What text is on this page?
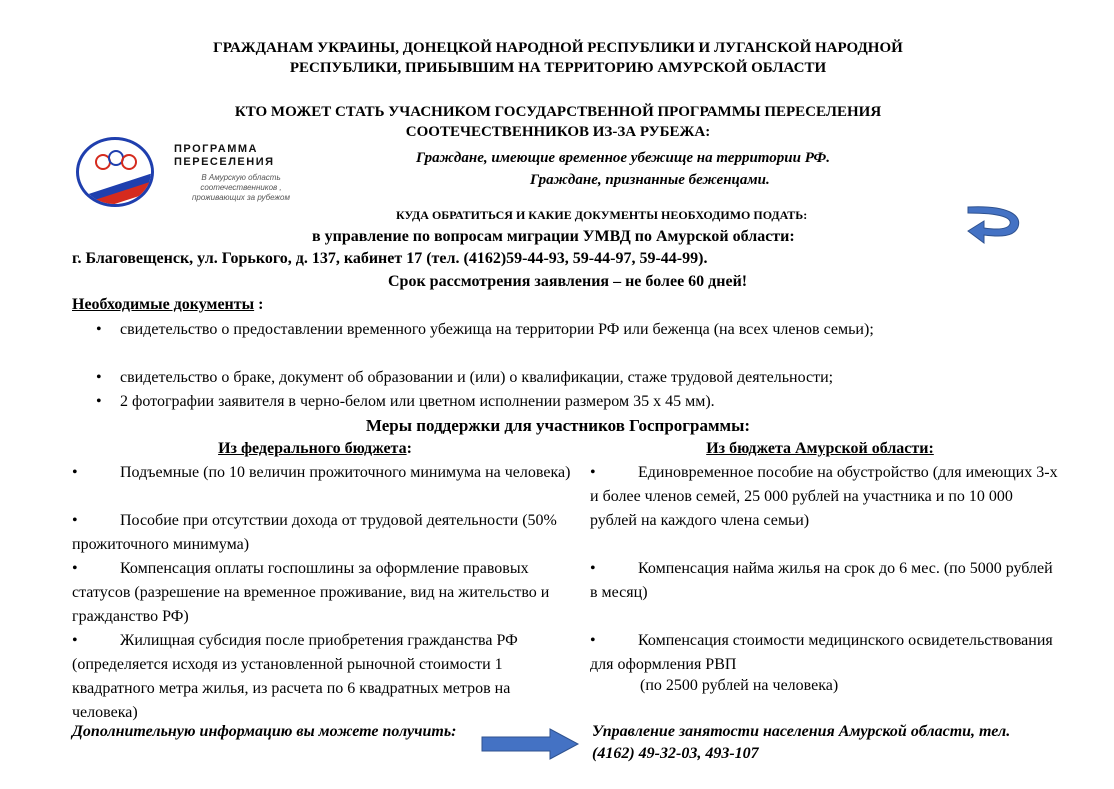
ГРАЖДАНАМ УКРАИНЫ, ДОНЕЦКОЙ НАРОДНОЙ РЕСПУБЛИКИ И ЛУГАНСКОЙ НАРОДНОЙ
РЕСПУБЛИКИ, ПРИБЫВШИМ НА ТЕРРИТОРИЮ АМУРСКОЙ ОБЛАСТИ
КТО МОЖЕТ СТАТЬ УЧАСНИКОМ ГОСУДАРСТВЕННОЙ ПРОГРАММЫ ПЕРЕСЕЛЕНИЯ
СООТЕЧЕСТВЕННИКОВ ИЗ-ЗА РУБЕЖА:
ПРОГРАММА
ПЕРЕСЕЛЕНИЯ
В Амурскую область
соотечественников ,
проживающих за рубежом
Граждане, имеющие временное убежище на территории РФ.
Граждане, признанные беженцами.
КУДА ОБРАТИТЬСЯ И КАКИЕ ДОКУМЕНТЫ НЕОБХОДИМО ПОДАТЬ:
в управление по вопросам миграции УМВД по Амурской области:
г. Благовещенск, ул. Горького, д. 137, кабинет 17 (тел. (4162)59-44-93, 59-44-97, 59-44-99).
Срок рассмотрения заявления – не более 60 дней!
Необходимые документы :
• свидетельство о предоставлении временного убежища на территории РФ или беженца (на всех членов семьи);
• свидетельство о браке, документ об образовании и (или) о квалификации, стаже трудовой деятельности;
• 2 фотографии заявителя в черно-белом или цветном исполнении размером 35 х 45 мм).
Меры поддержки для участников Госпрограммы:
Из федерального бюджета:	Из бюджета Амурской области:
•	Подъемные (по 10 величин прожиточного минимума на человека)
•	Пособие при отсутствии дохода от трудовой деятельности (50% прожиточного минимума)
•	Компенсация оплаты госпошлины за оформление правовых статусов (разрешение на временное проживание, вид на жительство и гражданство РФ)
•	Жилищная субсидия после приобретения гражданства РФ (определяется исходя из установленной рыночной стоимости 1 квадратного метра жилья, из расчета по 6 квадратных метров на человека)
•	Единовременное пособие на обустройство (для имеющих 3-х и более членов семей, 25 000 рублей на участника и по 10 000 рублей на каждого члена семьи)
•	Компенсация найма жилья на срок до 6 мес. (по 5000 рублей в месяц)
•	Компенсация стоимости медицинского освидетельствования для оформления РВП
(по 2500 рублей на человека)
Дополнительную информацию вы можете получить:	Управление занятости населения Амурской области, тел. (4162) 49-32-03, 493-107
